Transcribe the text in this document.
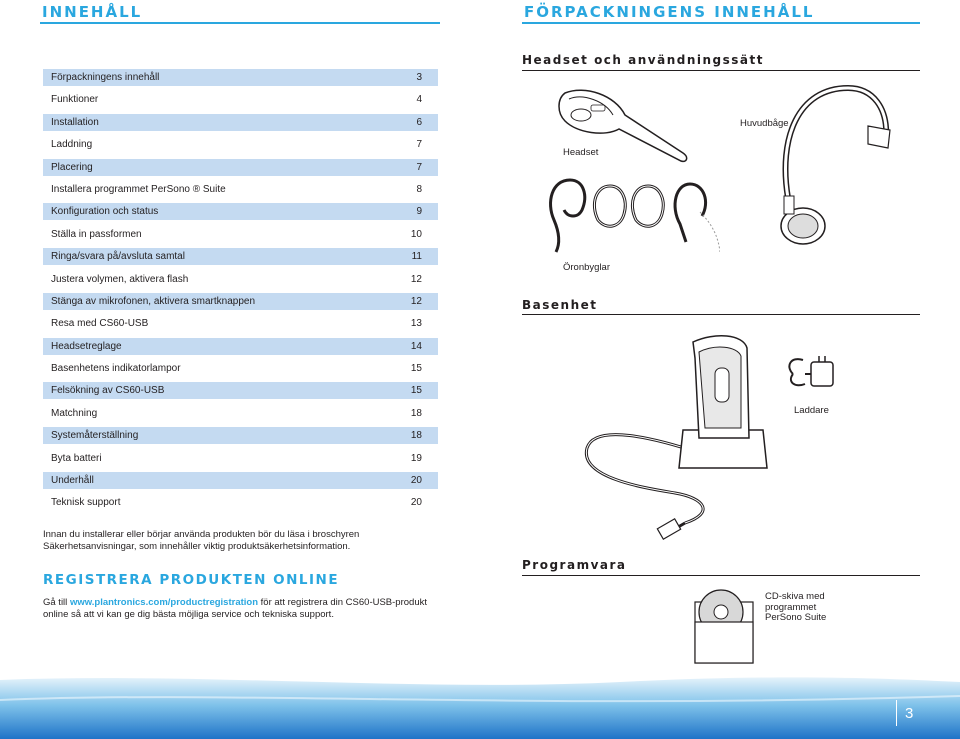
INNEHÅLL	FÖRPACKNINGENS INNEHÅLL
Förpackningens innehåll	3
Funktioner	4
Installation	6
Laddning	7
Placering	7
Installera programmet PerSono ® Suite	8
Konfiguration och status	9
Ställa in passformen	10
Ringa/svara på/avsluta samtal	11
Justera volymen, aktivera flash	12
Stänga av mikrofonen, aktivera smartknappen	12
Resa med CS60-USB	13
Headsetreglage	14
Basenhetens indikatorlampor	15
Felsökning av CS60-USB	15
Matchning	18
Systemåterställning	18
Byta batteri	19
Underhåll	20
Teknisk support	20
Innan du installerar eller börjar använda produkten bör du läsa i broschyren
Säkerhetsanvisningar, som innehåller viktig produktsäkerhetsinformation.
REGISTRERA PRODUKTEN ONLINE
Gå till www.plantronics.com/productregistration för att registrera din CS60-USB-produkt
online så att vi kan ge dig bästa möjliga service och tekniska support.
Headset och användningssätt
Headset
Huvudbåge
Öronbyglar
Basenhet
Laddare
Programvara
CD-skiva med
programmet
PerSono Suite
3
